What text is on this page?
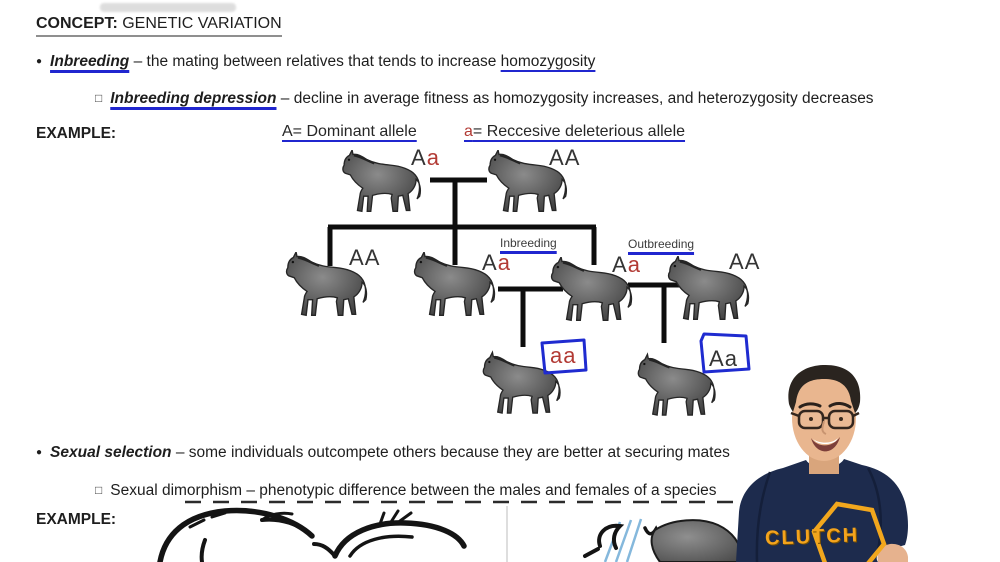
CONCEPT: GENETIC VARIATION
● Inbreeding – the mating between relatives that tends to increase homozygosity
□ Inbreeding depression – decline in average fitness as homozygosity increases, and heterozygosity decreases
EXAMPLE:	A= Dominant allele	a= Reccesive deleterious allele
Aa	AA
AA	Aa	Aa	AA
aa	Aa
Inbreeding	Outbreeding
● Sexual selection – some individuals outcompete others because they are better at securing mates
□ Sexual dimorphism – phenotypic difference between the males and females of a species
EXAMPLE:
CLUTCH
